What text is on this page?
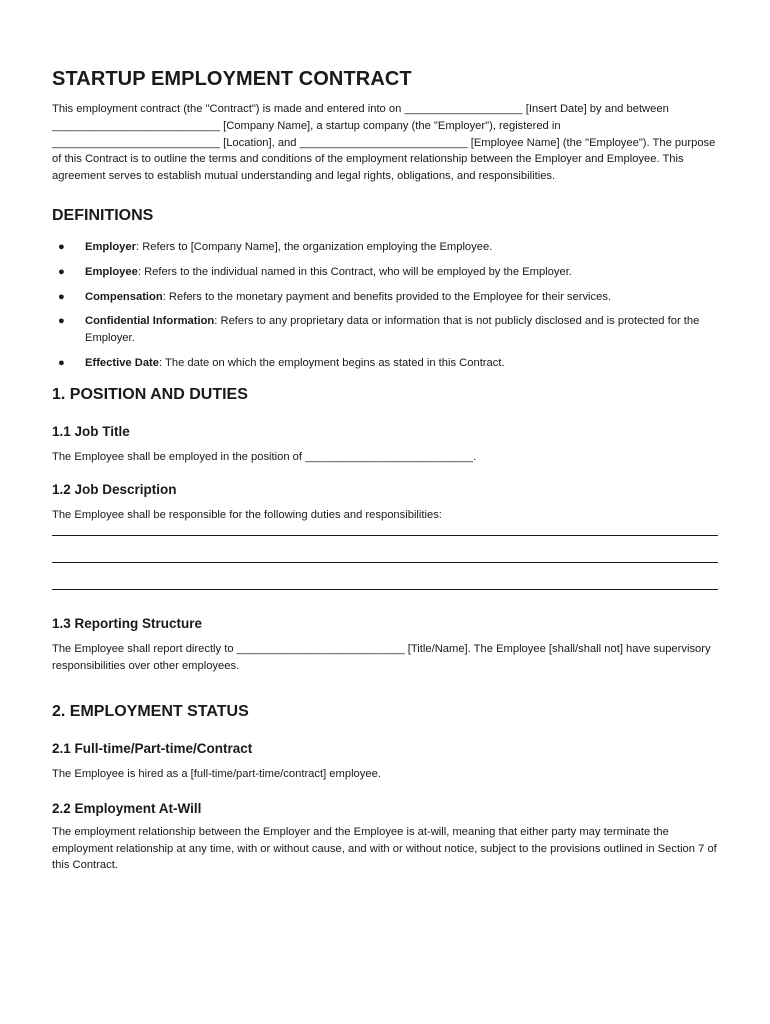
STARTUP EMPLOYMENT CONTRACT

This employment contract (the "Contract") is made and entered into on ___________________ [Insert Date] by and between ___________________________ [Company Name], a startup company (the "Employer"), registered in ___________________________ [Location], and ___________________________ [Employee Name] (the "Employee"). The purpose of this Contract is to outline the terms and conditions of the employment relationship between the Employer and Employee. This agreement serves to establish mutual understanding and legal rights, obligations, and responsibilities.

DEFINITIONS
● Employer: Refers to [Company Name], the organization employing the Employee.
● Employee: Refers to the individual named in this Contract, who will be employed by the Employer.
● Compensation: Refers to the monetary payment and benefits provided to the Employee for their services.
● Confidential Information: Refers to any proprietary data or information that is not publicly disclosed and is protected for the Employer.
● Effective Date: The date on which the employment begins as stated in this Contract.
1. POSITION AND DUTIES
1.1 Job Title

The Employee shall be employed in the position of ___________________________.

1.2 Job Description

The Employee shall be responsible for the following duties and responsibilities:

1.3 Reporting Structure

The Employee shall report directly to ___________________________ [Title/Name]. The Employee [shall/shall not] have supervisory responsibilities over other employees.

2. EMPLOYMENT STATUS
2.1 Full-time/Part-time/Contract

The Employee is hired as a [full-time/part-time/contract] employee.

2.2 Employment At-Will

The employment relationship between the Employer and the Employee is at-will, meaning that either party may terminate the employment relationship at any time, with or without cause, and with or without notice, subject to the provisions outlined in Section 7 of this Contract.
